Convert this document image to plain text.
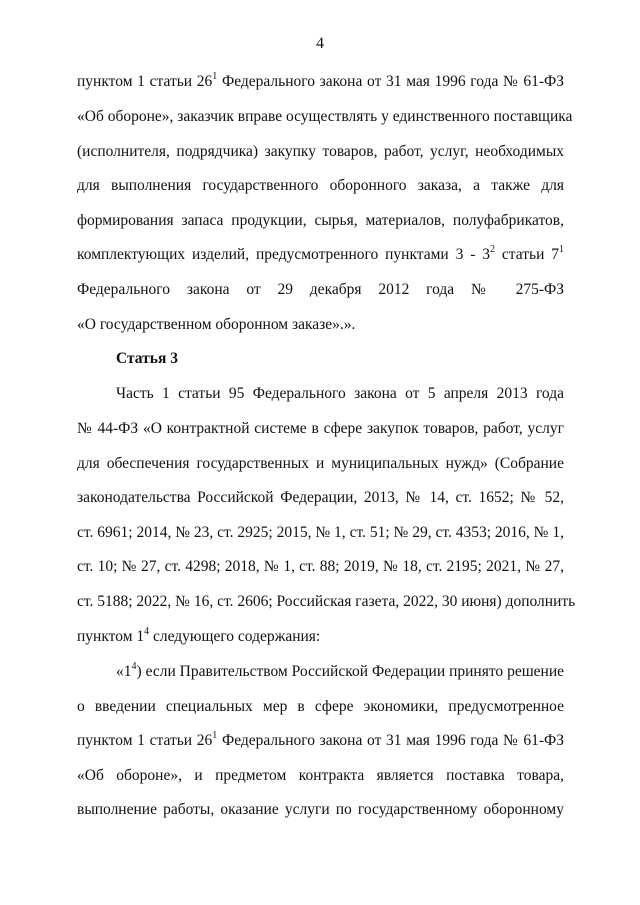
4
пунктом 1 статьи $26^1$ Федерального закона от 31 мая 1996 года № 61-ФЗ
«Об обороне», заказчик вправе осуществлять у единственного поставщика
(исполнителя, подрядчика) закупку товаров, работ, услуг, необходимых
для выполнения государственного оборонного заказа, а также для
формирования запаса продукции, сырья, материалов, полуфабрикатов,
комплектующих изделий, предусмотренного пунктами $3 - 3^2$ статьи $7^1$
Федерального закона от 29 декабря 2012 года № 275-ФЗ
«О государственном оборонном заказе».».
Статья 3
Часть 1 статьи 95 Федерального закона от 5 апреля 2013 года
№ 44-ФЗ «О контрактной системе в сфере закупок товаров, работ, услуг
для обеспечения государственных и муниципальных нужд» (Собрание
законодательства Российской Федерации, 2013, № 14, ст. 1652; № 52,
ст. 6961; 2014, № 23, ст. 2925; 2015, № 1, ст. 51; № 29, ст. 4353; 2016, № 1,
ст. 10; № 27, ст. 4298; 2018, № 1, ст. 88; 2019, № 18, ст. 2195; 2021, № 27,
ст. 5188; 2022, № 16, ст. 2606; Российская газета, 2022, 30 июня) дополнить
пунктом $1^4$ следующего содержания:
«$1^4$) если Правительством Российской Федерации принято решение
о введении специальных мер в сфере экономики, предусмотренное
пунктом 1 статьи $26^1$ Федерального закона от 31 мая 1996 года № 61-ФЗ
«Об обороне», и предметом контракта является поставка товара,
выполнение работы, оказание услуги по государственному оборонному
